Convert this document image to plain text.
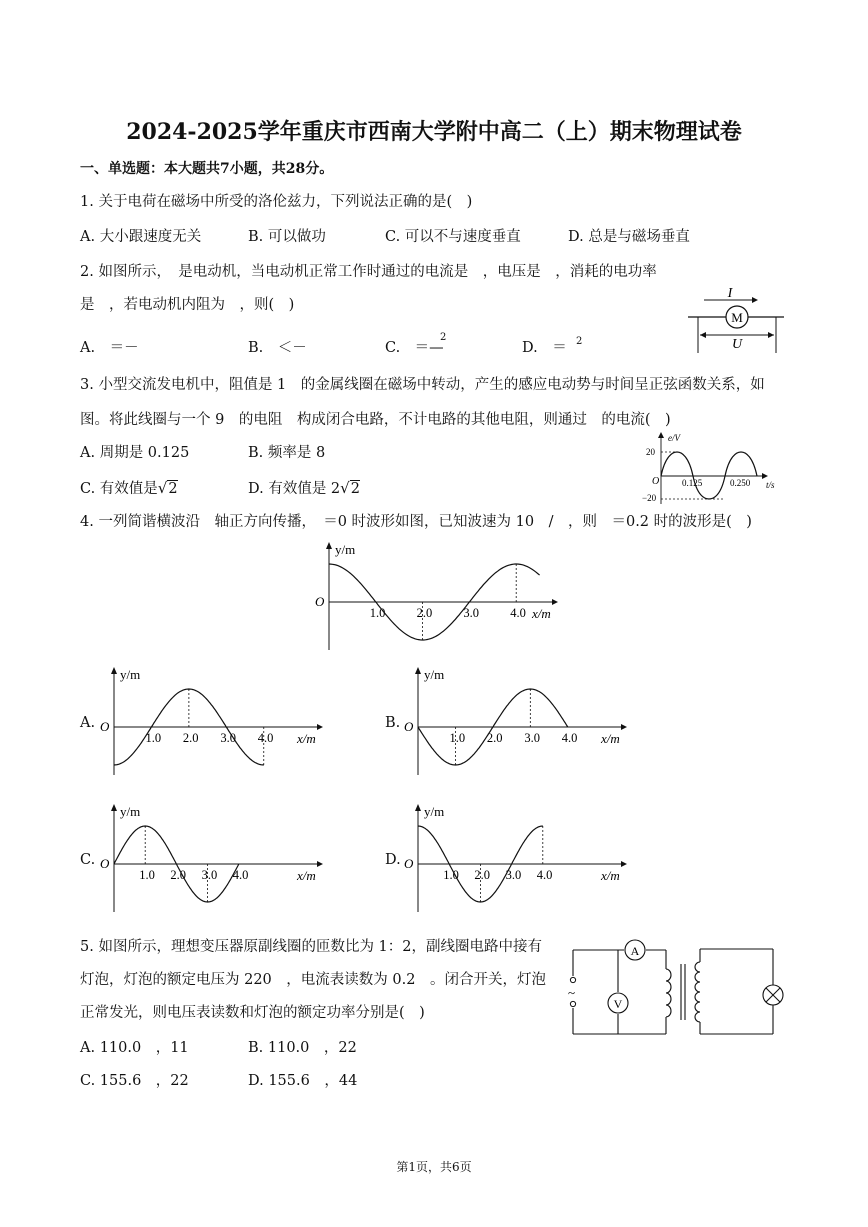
2024-2025学年重庆市西南大学附中高二（上）期末物理试卷
一、单选题：本大题共7小题，共28分。
1. 关于电荷在磁场中所受的洛伦兹力，下列说法正确的是(　)
A. 大小跟速度无关	B. 可以做功	C. 可以不与速度垂直	D. 总是与磁场垂直
2. 如图所示，　是电动机，当电动机正常工作时通过的电流是　，电压是　，消耗的电功率
是　，若电动机内阻为　，则(　)
A.　＝－	B.　＜－	C.　＝—
2
D.　＝ 2
I
M
U
3. 小型交流发电机中，阻值是 1　的金属线圈在磁场中转动，产生的感应电动势与时间呈正弦函数关系，如
图。将此线圈与一个 9　的电阻　构成闭合电路，不计电路的其他电阻，则通过　的电流(　)
A. 周期是 0.125	B. 频率是 8
C. 有效值是√2	D. 有效值是 2√2
e/V
t/s
O
20
−20
0.125	0.250
4. 一列简谐横波沿　轴正方向传播，　＝0 时波形如图，已知波速为 10　/　，则　＝0.2 时的波形是(　)
y/m
x/m
O
1.0 2.0 3.0 4.0
A.
y/m
x/m
O
1.0 2.0 3.0 4.0
B.
y/m
x/m
O
1.0 2.0 3.0 4.0
C.
y/m
x/m
O
1.0 2.0 3.0 4.0
D.
y/m
x/m
O
1.0 2.0 3.0 4.0
5. 如图所示，理想变压器原副线圈的匝数比为 1：2，副线圈电路中接有
灯泡，灯泡的额定电压为 220　，电流表读数为 0.2　。闭合开关，灯泡
正常发光，则电压表读数和灯泡的额定功率分别是(　)
A. 110.0　，11	B. 110.0　，22
C. 155.6　，22	D. 155.6　，44
~
A
V
第1页，共6页
